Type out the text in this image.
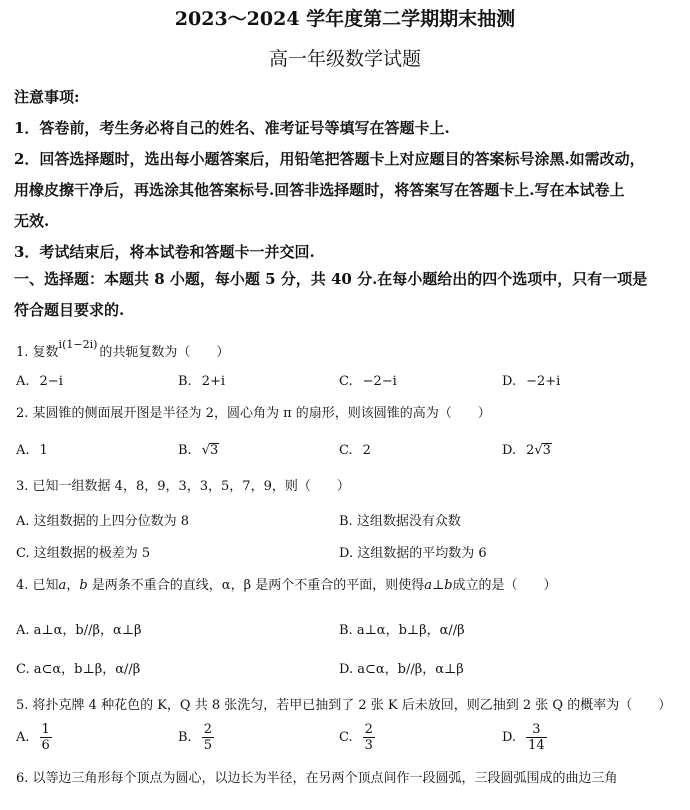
2023～2024 学年度第二学期期末抽测
高一年级数学试题
注意事项:
1．答卷前，考生务必将自己的姓名、准考证号等填写在答题卡上.
2．回答选择题时，选出每小题答案后，用铅笔把答题卡上对应题目的答案标号涂黑.如需改动，
用橡皮擦干净后，再选涂其他答案标号.回答非选择题时，将答案写在答题卡上.写在本试卷上
无效.
3．考试结束后，将本试卷和答题卡一并交回.
一、选择题：本题共 8 小题，每小题 5 分，共 40 分.在每小题给出的四个选项中，只有一项是
符合题目要求的.
1. 复数$^{i(1-2i)}$的共轭复数为（　　）
A. 2−i	B. 2+i	C. −2−i	D. −2+i
2. 某圆锥的侧面展开图是半径为 2，圆心角为 π 的扇形，则该圆锥的高为（　　）
A. 1	B. √3	C. 2	D. 2√3
3. 已知一组数据 4，8，9，3，3，5，7，9，则（　　）
A. 这组数据的上四分位数为 8	B. 这组数据没有众数
C. 这组数据的极差为 5	D. 这组数据的平均数为 6
4. 已知a，b 是两条不重合的直线，α，β 是两个不重合的平面，则使得a⊥b成立的是（　　）
A. a⊥α，b//β，α⊥β	B. a⊥α，b⊥β，α//β
C. a⊂α，b⊥β，α//β	D. a⊂α，b//β，α⊥β
5. 将扑克牌 4 种花色的 K，Q 共 8 张洗匀，若甲已抽到了 2 张 K 后未放回，则乙抽到 2 张 Q 的概率为（　　）
A. $\frac{1}{6}$	B. $\frac{2}{5}$	C. $\frac{2}{3}$	D. $\frac{3}{14}$
6. 以等边三角形每个顶点为圆心，以边长为半径，在另两个顶点间作一段圆弧，三段圆弧围成的曲边三角
